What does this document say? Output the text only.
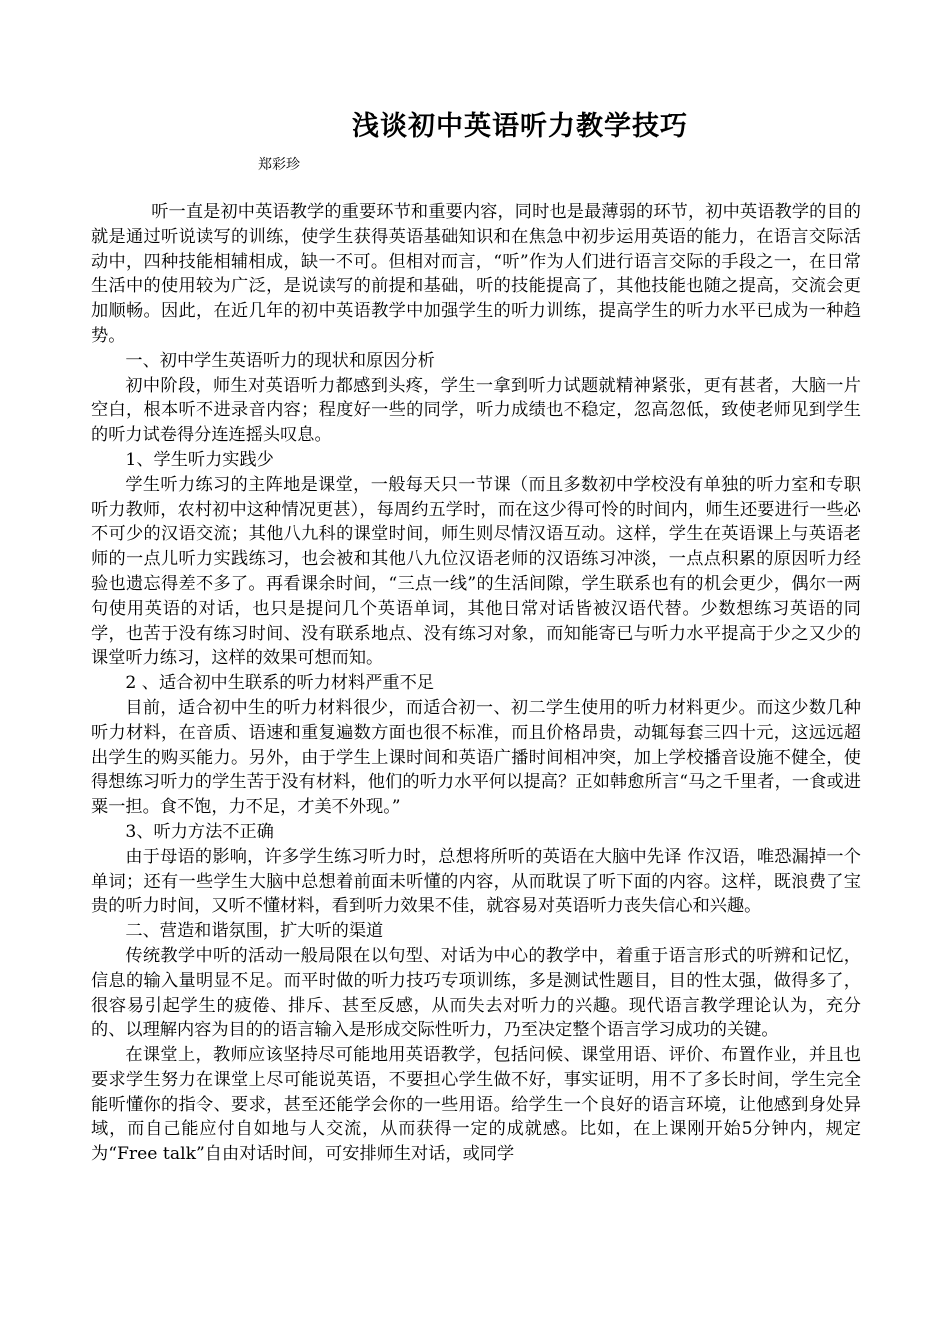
浅谈初中英语听力教学技巧
郑彩珍

听一直是初中英语教学的重要环节和重要内容，同时也是最薄弱的环节，初中英语教学的目的就是通过听说读写的训练，使学生获得英语基础知识和在焦急中初步运用英语的能力，在语言交际活动中，四种技能相辅相成，缺一不可。但相对而言，“听”作为人们进行语言交际的手段之一，在日常生活中的使用较为广泛，是说读写的前提和基础，听的技能提高了，其他技能也随之提高，交流会更加顺畅。因此，在近几年的初中英语教学中加强学生的听力训练，提高学生的听力水平已成为一种趋势。

一、初中学生英语听力的现状和原因分析

初中阶段，师生对英语听力都感到头疼，学生一拿到听力试题就精神紧张，更有甚者，大脑一片空白，根本听不进录音内容；程度好一些的同学，听力成绩也不稳定，忽高忽低，致使老师见到学生的听力试卷得分连连摇头叹息。

1、学生听力实践少

学生听力练习的主阵地是课堂，一般每天只一节课（而且多数初中学校没有单独的听力室和专职听力教师，农村初中这种情况更甚），每周约五学时，而在这少得可怜的时间内，师生还要进行一些必不可少的汉语交流；其他八九科的课堂时间，师生则尽情汉语互动。这样，学生在英语课上与英语老师的一点儿听力实践练习，也会被和其他八九位汉语老师的汉语练习冲淡，一点点积累的原因听力经验也遗忘得差不多了。再看课余时间，“三点一线”的生活间隙，学生联系也有的机会更少，偶尔一两句使用英语的对话，也只是提问几个英语单词，其他日常对话皆被汉语代替。少数想练习英语的同学，也苦于没有练习时间、没有联系地点、没有练习对象，而知能寄已与听力水平提高于少之又少的课堂听力练习，这样的效果可想而知。

2 、适合初中生联系的听力材料严重不足

目前，适合初中生的听力材料很少，而适合初一、初二学生使用的听力材料更少。而这少数几种听力材料，在音质、语速和重复遍数方面也很不标准，而且价格昂贵，动辄每套三四十元，这远远超出学生的购买能力。另外，由于学生上课时间和英语广播时间相冲突，加上学校播音设施不健全，使得想练习听力的学生苦于没有材料，他们的听力水平何以提高？正如韩愈所言“马之千里者，一食或进粟一担。食不饱，力不足，才美不外现。”

3、听力方法不正确

由于母语的影响，许多学生练习听力时，总想将所听的英语在大脑中先译 作汉语，唯恐漏掉一个单词；还有一些学生大脑中总想着前面未听懂的内容，从而耽误了听下面的内容。这样，既浪费了宝贵的听力时间，又听不懂材料，看到听力效果不佳，就容易对英语听力丧失信心和兴趣。

二、营造和谐氛围，扩大听的渠道

传统教学中听的活动一般局限在以句型、对话为中心的教学中，着重于语言形式的听辨和记忆，信息的输入量明显不足。而平时做的听力技巧专项训练，多是测试性题目，目的性太强，做得多了，很容易引起学生的疲倦、排斥、甚至反感，从而失去对听力的兴趣。现代语言教学理论认为，充分的、以理解内容为目的的语言输入是形成交际性听力，乃至决定整个语言学习成功的关键。

在课堂上，教师应该坚持尽可能地用英语教学，包括问候、课堂用语、评价、布置作业，并且也要求学生努力在课堂上尽可能说英语，不要担心学生做不好，事实证明，用不了多长时间，学生完全能听懂你的指令、要求，甚至还能学会你的一些用语。给学生一个良好的语言环境，让他感到身处异域，而自己能应付自如地与人交流，从而获得一定的成就感。比如，在上课刚开始5分钟内，规定为“Free talk”自由对话时间，可安排师生对话，或同学
